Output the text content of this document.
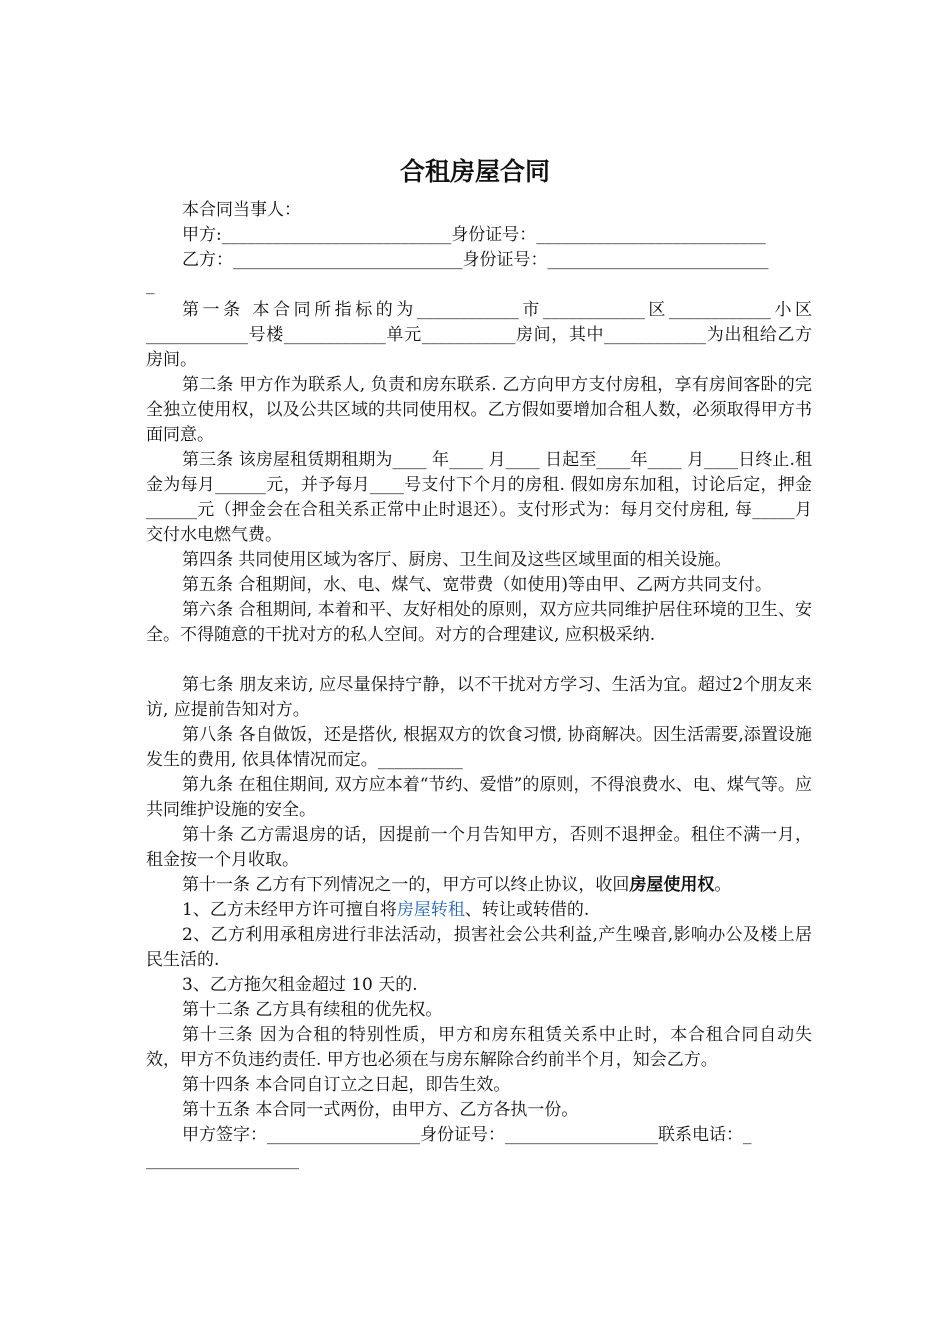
合租房屋合同

本合同当事人：

甲方:___________________________身份证号：___________________________

乙方：___________________________身份证号：__________________________

_

第一条 本合同所指标的为____________市____________区____________小区____________号楼____________单元___________房间，其中____________为出租给乙方房间。

第二条 甲方作为联系人, 负责和房东联系. 乙方向甲方支付房租，享有房间客卧的完全独立使用权，以及公共区域的共同使用权。乙方假如要增加合租人数，必须取得甲方书面同意。

第三条 该房屋租赁期租期为____ 年____ 月____ 日起至____年____ 月____日终止.租金为每月______元，并予每月____号支付下个月的房租. 假如房东加租，讨论后定，押金______元（押金会在合租关系正常中止时退还）。支付形式为：每月交付房租, 每_____月交付水电燃气费。

第四条 共同使用区域为客厅、厨房、卫生间及这些区域里面的相关设施。

第五条 合租期间，水、电、煤气、宽带费（如使用)等由甲、乙两方共同支付。

第六条 合租期间, 本着和平、友好相处的原则，双方应共同维护居住环境的卫生、安全。不得随意的干扰对方的私人空间。对方的合理建议, 应积极采纳.

第七条 朋友来访, 应尽量保持宁静，以不干扰对方学习、生活为宜。超过2个朋友来访, 应提前告知对方。

第八条 各自做饭，还是搭伙, 根据双方的饮食习惯, 协商解决。因生活需要,添置设施发生的费用, 依具体情况而定。__________

第九条 在租住期间, 双方应本着“节约、爱惜”的原则，不得浪费水、电、煤气等。应共同维护设施的安全。

第十条 乙方需退房的话，因提前一个月告知甲方，否则不退押金。租住不满一月，租金按一个月收取。

第十一条 乙方有下列情况之一的，甲方可以终止协议，收回房屋使用权。

1、乙方未经甲方许可擅自将房屋转租、转让或转借的.

2、乙方利用承租房进行非法活动，损害社会公共利益,产生噪音,影响办公及楼上居民生活的.

3、乙方拖欠租金超过 10 天的.

第十二条 乙方具有续租的优先权。

第十三条 因为合租的特别性质，甲方和房东租赁关系中止时，本合租合同自动失效，甲方不负违约责任. 甲方也必须在与房东解除合约前半个月，知会乙方。

第十四条 本合同自订立之日起，即告生效。

第十五条 本合同一式两份，由甲方、乙方各执一份。

甲方签字：__________________身份证号：__________________联系电话：_

__________________
